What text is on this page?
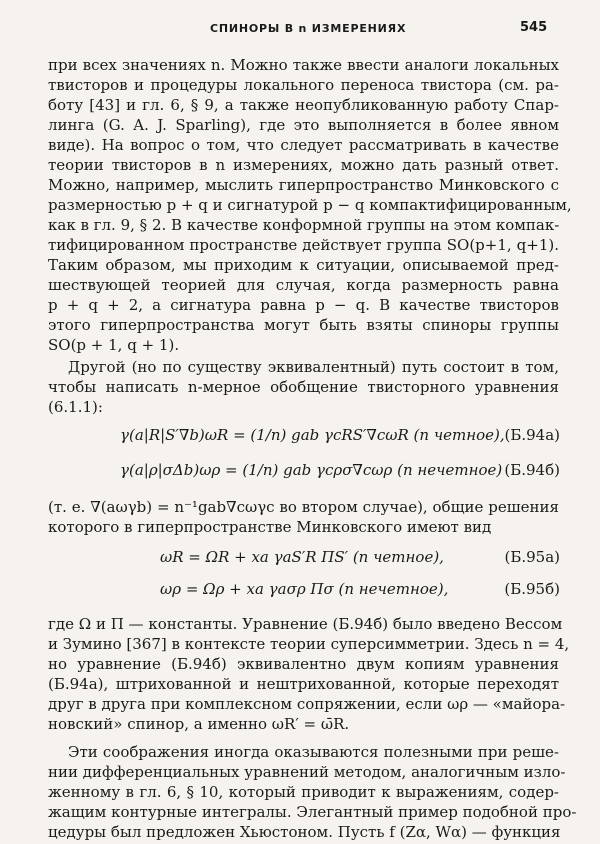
СПИНОРЫ В n ИЗМЕРЕНИЯХ	545
при всех значениях n. Можно также ввести аналоги локальных
твисторов и процедуры локального переноса твистора (см. ра-
боту [43] и гл. 6, § 9, а также неопубликованную работу Спар-
линга (G. A. J. Sparling), где это выполняется в более явном
виде). На вопрос о том, что следует рассматривать в качестве
теории твисторов в n измерениях, можно дать разный ответ.
Можно, например, мыслить гиперпространство Минковского с
размерностью p + q и сигнатурой p − q компактифицированным,
как в гл. 9, § 2. В качестве конформной группы на этом компак-
тифицированном пространстве действует группа SO(p+1, q+1).
Таким образом, мы приходим к ситуации, описываемой пред-
шествующей теорией для случая, когда размерность равна
p + q + 2, а сигнатура равна p − q. В качестве твисторов
этого гиперпространства могут быть взяты спиноры группы
SO(p + 1, q + 1).
Другой (но по существу эквивалентный) путь состоит в том,
чтобы написать n-мерное обобщение твисторного уравнения
(6.1.1):
γ(a|R|S′∇b)ωR = (1/n) gab γcRS′∇cωR (n четное), (Б.94а)
γ(a|ρ|σΔb)ωρ = (1/n) gab γcρσ∇cωρ (n нечетное) (Б.94б)
(т. е. ∇(aωγb) = n⁻¹gab∇cωγc во втором случае), общие решения
которого в гиперпространстве Минковского имеют вид
ωR = ΩR + xa γaS′R ΠS′ (n четное),	(Б.95а)
ωρ = Ωρ + xa γaσρ Πσ (n нечетное),	(Б.95б)
где Ω и Π — константы. Уравнение (Б.94б) было введено Вессом
и Зумино [367] в контексте теории суперсимметрии. Здесь n = 4,
но уравнение (Б.94б) эквивалентно двум копиям уравнения
(Б.94а), штрихованной и нештрихованной, которые переходят
друг в друга при комплексном сопряжении, если ωρ — «майора-
новский» спинор, а именно ωR′ = ω̄R.
Эти соображения иногда оказываются полезными при реше-
нии дифференциальных уравнений методом, аналогичным изло-
женному в гл. 6, § 10, который приводит к выражениям, содер-
жащим контурные интегралы. Элегантный пример подобной про-
цедуры был предложен Хьюстоном. Пусть f (Zα, Wα) — функция
